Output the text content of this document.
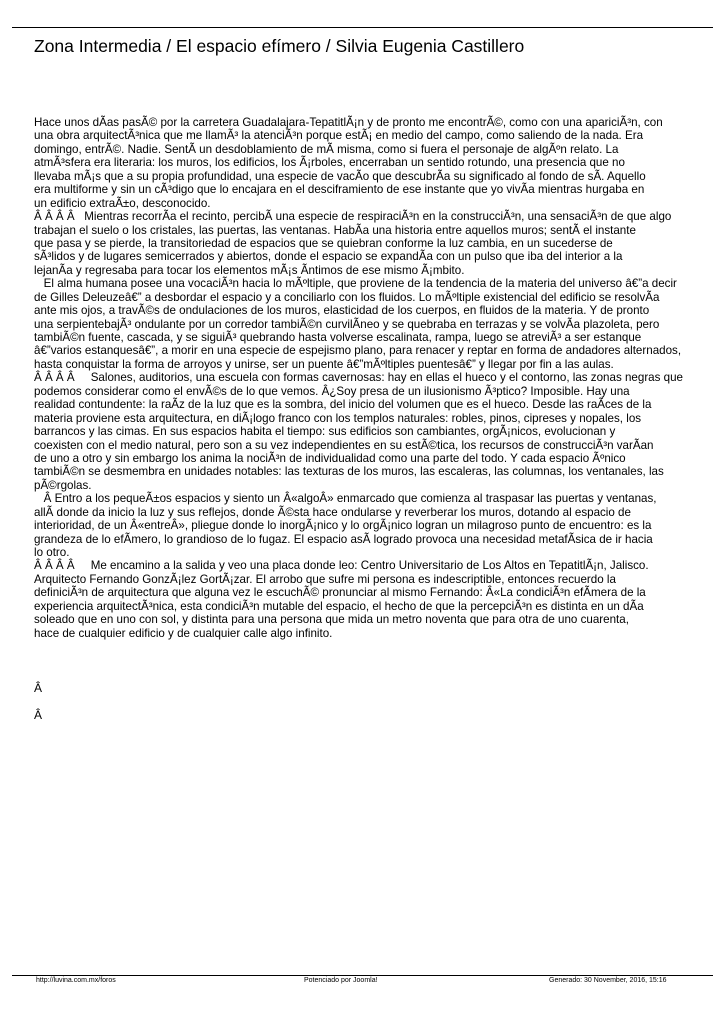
Zona Intermedia / El espacio efímero / Silvia Eugenia Castillero
Hace unos dÃas pasÃ© por la carretera Guadalajara-TepatitlÃ¡n y de pronto me encontrÃ©, como con una apariciÃ³n, con
una obra arquitectÃ³nica que me llamÃ³ la atenciÃ³n porque estÃ¡ en medio del campo, como saliendo de la nada. Era
domingo, entrÃ©. Nadie. SentÃ un desdoblamiento de mÃ misma, como si fuera el personaje de algÃºn relato. La
atmÃ³sfera era literaria: los muros, los edificios, los Ã¡rboles, encerraban un sentido rotundo, una presencia que no
llevaba mÃ¡s que a su propia profundidad, una especie de vacÃo que descubrÃa su significado al fondo de sÃ. Aquello
era multiforme y sin un cÃ³digo que lo encajara en el desciframiento de ese instante que yo vivÃa mientras hurgaba en
un edificio extraÃ±o, desconocido.
Â Â Â Â   Mientras recorrÃa el recinto, percibÃ una especie de respiraciÃ³n en la construcciÃ³n, una sensaciÃ³n de que algo
trabajan el suelo o los cristales, las puertas, las ventanas. HabÃa una historia entre aquellos muros; sentÃ el instante
que pasa y se pierde, la transitoriedad de espacios que se quiebran conforme la luz cambia, en un sucederse de
sÃ³lidos y de lugares semicerrados y abiertos, donde el espacio se expandÃa con un pulso que iba del interior a la
lejanÃa y regresaba para tocar los elementos mÃ¡s Ãntimos de ese mismo Ã¡mbito.
El alma humana posee una vocaciÃ³n hacia lo mÃºltiple, que proviene de la tendencia de la materia del universo â€”a decir
de Gilles Deleuzeâ€” a desbordar el espacio y a conciliarlo con los fluidos. Lo mÃºltiple existencial del edificio se resolvÃa
ante mis ojos, a travÃ©s de ondulaciones de los muros, elasticidad de los cuerpos, en fluidos de la materia. Y de pronto
una serpientebajÃ³ ondulante por un corredor tambiÃ©n curvilÃneo y se quebraba en terrazas y se volvÃa plazoleta, pero
tambiÃ©n fuente, cascada, y se siguiÃ³ quebrando hasta volverse escalinata, rampa, luego se atreviÃ³ a ser estanque
â€”varios estanquesâ€”, a morir en una especie de espejismo plano, para renacer y reptar en forma de andadores alternados,
hasta conquistar la forma de arroyos y unirse, ser un puente â€”mÃºltiples puentesâ€” y llegar por fin a las aulas.
Â Â Â Â     Salones, auditorios, una escuela con formas cavernosas: hay en ellas el hueco y el contorno, las zonas negras que
podemos considerar como el envÃ©s de lo que vemos. Â¿Soy presa de un ilusionismo Ã³ptico? Imposible. Hay una
realidad contundente: la raÃz de la luz que es la sombra, del inicio del volumen que es el hueco. Desde las raÃces de la
materia proviene esta arquitectura, en diÃ¡logo franco con los templos naturales: robles, pinos, cipreses y nopales, los
barrancos y las cimas. En sus espacios habita el tiempo: sus edificios son cambiantes, orgÃ¡nicos, evolucionan y
coexisten con el medio natural, pero son a su vez independientes en su estÃ©tica, los recursos de construcciÃ³n varÃan
de uno a otro y sin embargo los anima la nociÃ³n de individualidad como una parte del todo. Y cada espacio Ãºnico
tambiÃ©n se desmembra en unidades notables: las texturas de los muros, las escaleras, las columnas, los ventanales, las
pÃ©rgolas.
Â Entro a los pequeÃ±os espacios y siento un Â«algoÂ» enmarcado que comienza al traspasar las puertas y ventanas,
allÃ donde da inicio la luz y sus reflejos, donde Ã©sta hace ondularse y reverberar los muros, dotando al espacio de
interioridad, de un Â«entreÂ», pliegue donde lo inorgÃ¡nico y lo orgÃ¡nico logran un milagroso punto de encuentro: es la
grandeza de lo efÃmero, lo grandioso de lo fugaz. El espacio asÃ logrado provoca una necesidad metafÃsica de ir hacia
lo otro.
Â Â Â Â     Me encamino a la salida y veo una placa donde leo: Centro Universitario de Los Altos en TepatitlÃ¡n, Jalisco.
Arquitecto Fernando GonzÃ¡lez GortÃ¡zar. El arrobo que sufre mi persona es indescriptible, entonces recuerdo la
definiciÃ³n de arquitectura que alguna vez le escuchÃ© pronunciar al mismo Fernando: Â«La condiciÃ³n efÃmera de la
experiencia arquitectÃ³nica, esta condiciÃ³n mutable del espacio, el hecho de que la percepciÃ³n es distinta en un dÃa
soleado que en uno con sol, y distinta para una persona que mida un metro noventa que para otra de uno cuarenta,
hace de cualquier edificio y de cualquier calle algo infinito.
Â
Â
http://luvina.com.mx/foros	Potenciado por Joomla!	Generado: 30 November, 2016, 15:16
